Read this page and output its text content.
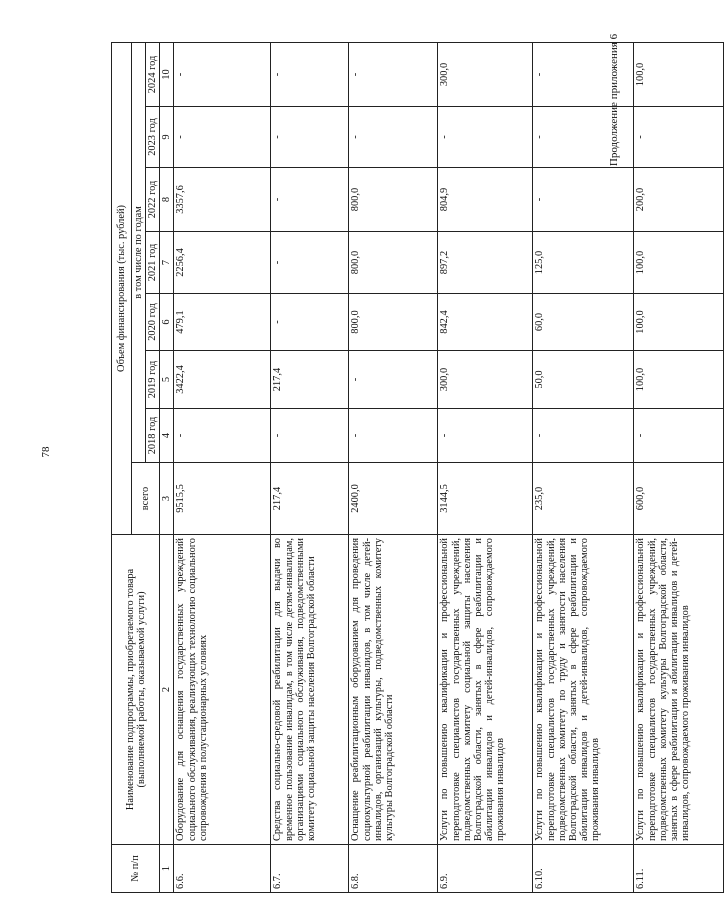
78
Продолжение приложения 6
№ п/п	Наименование подпрограммы, приобретаемого товара (выполняемой работы, оказываемой услуги)	Объем финансирования (тыс. рублей)							
		всего	в том числе по годам						
			2018 год	2019 год	2020 год	2021 год	2022 год	2023 год	2024 год
1	2	3	4	5	6	7	8	9	10
6.6.	Оборудование для оснащения государственных учреждений социального обслуживания, реализующих технологию социального сопровождения в полустационарных условиях	9515,5	-	3422,4	479,1	2256,4	3357,6	-	-
6.7.	Средства социально-средовой реабилитации для выдачи во временное пользование инвалидам, в том числе детям-инвалидам, организациями социального обслуживания, подведомственными комитету социальной защиты населения Волгоградской области	217,4	-	217,4	-	-	-	-	-
6.8.	Оснащение реабилитационным оборудованием для проведения социокультурной реабилитации инвалидов, в том числе детей-инвалидов, организаций культуры, подведомственных комитету культуры Волгоградской области	2400,0	-	-	800,0	800,0	800,0	-	-
6.9.	Услуги по повышению квалификации и профессиональной переподготовке специалистов государственных учреждений, подведомственных комитету социальной защиты населения Волгоградской области, занятых в сфере реабилитации и абилитации инвалидов и детей-инвалидов, сопровождаемого проживания инвалидов	3144,5	-	300,0	842,4	897,2	804,9	-	300,0
6.10.	Услуги по повышению квалификации и профессиональной переподготовке специалистов государственных учреждений, подведомственных комитету по труду и занятости населения Волгоградской области, занятых в сфере реабилитации и абилитации инвалидов и детей-инвалидов, сопровождаемого проживания инвалидов	235,0	-	50,0	60,0	125,0	-	-	-
6.11.	Услуги по повышению квалификации и профессиональной переподготовке специалистов государственных учреждений, подведомственных комитету культуры Волгоградской области, занятых в сфере реабилитации и абилитации инвалидов и детей-инвалидов, сопровождаемого проживания инвалидов	600,0	-	100,0	100,0	100,0	200,0	-	100,0
